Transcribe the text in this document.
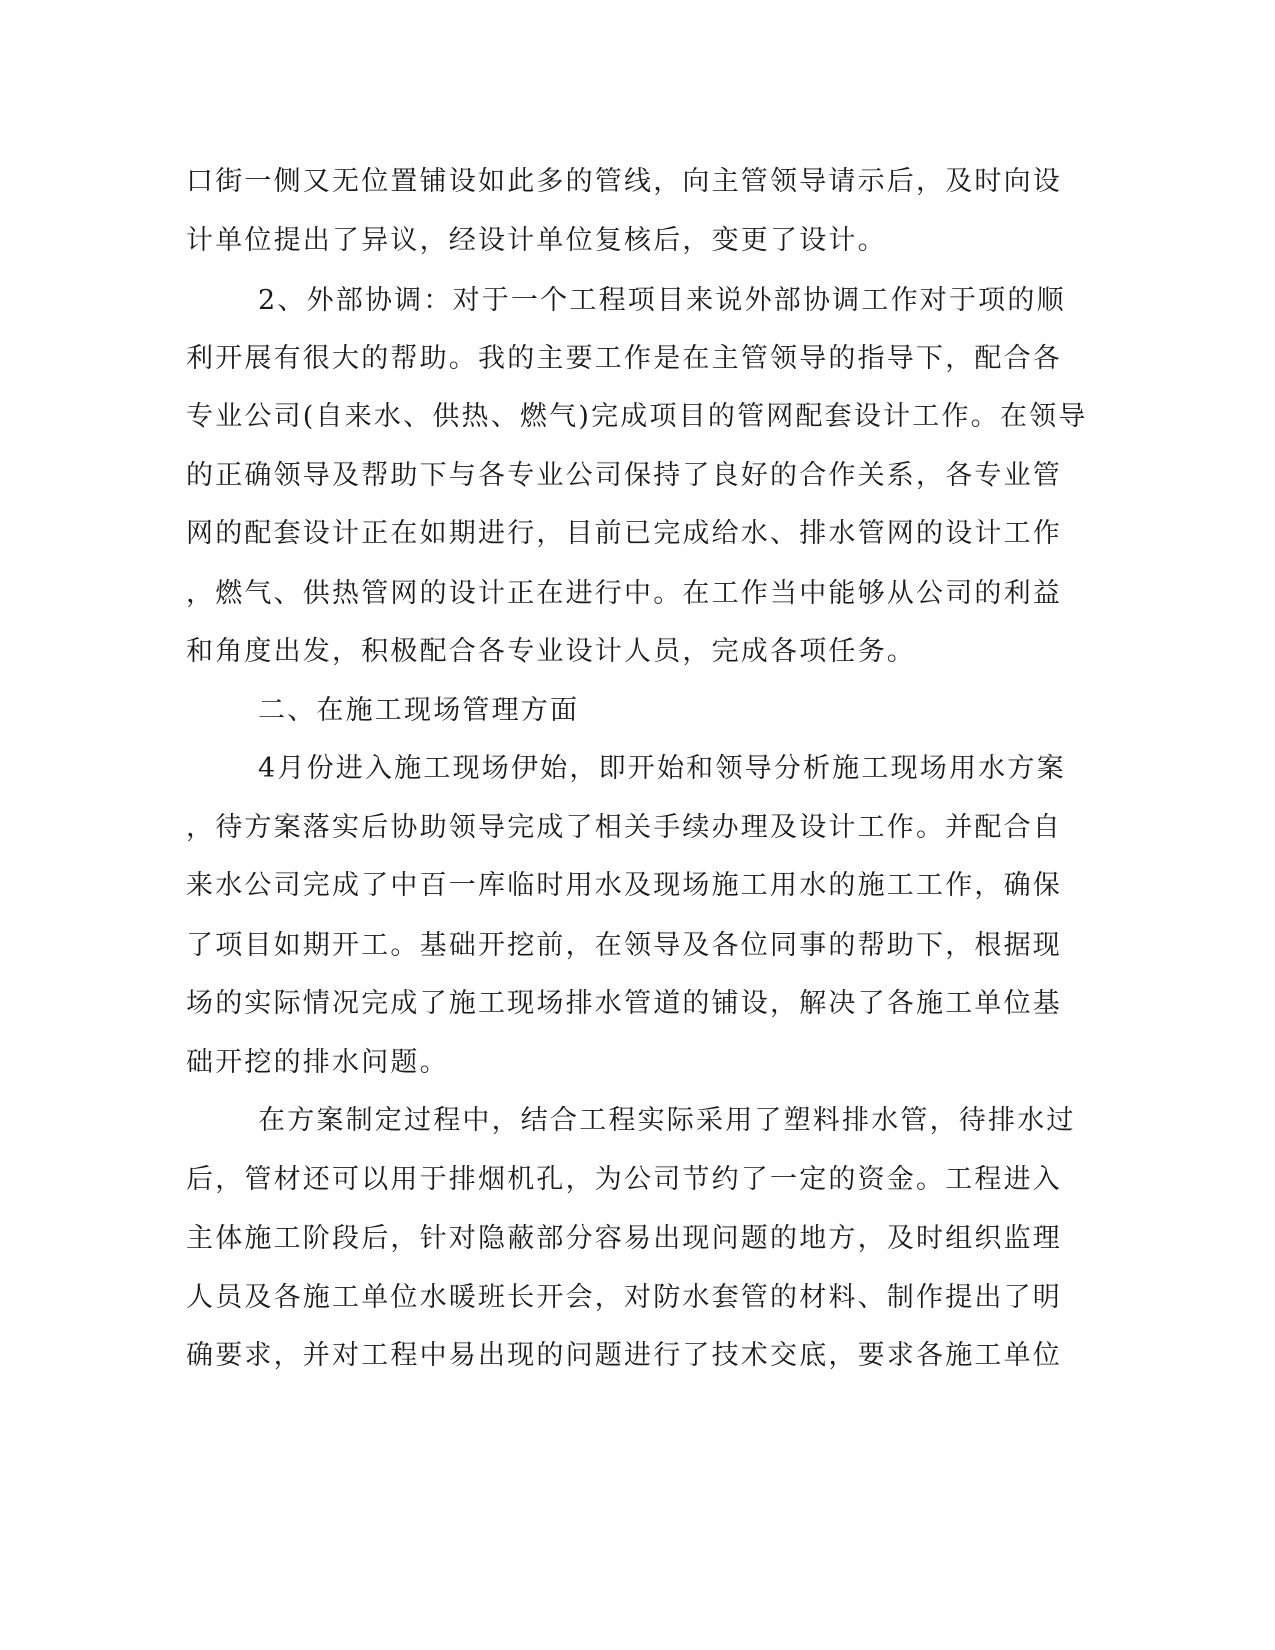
口街一侧又无位置铺设如此多的管线，向主管领导请示后，及时向设
计单位提出了异议，经设计单位复核后，变更了设计。
2、外部协调：对于一个工程项目来说外部协调工作对于项的顺
利开展有很大的帮助。我的主要工作是在主管领导的指导下，配合各
专业公司(自来水、供热、燃气)完成项目的管网配套设计工作。在领导
的正确领导及帮助下与各专业公司保持了良好的合作关系，各专业管
网的配套设计正在如期进行，目前已完成给水、排水管网的设计工作
，燃气、供热管网的设计正在进行中。在工作当中能够从公司的利益
和角度出发，积极配合各专业设计人员，完成各项任务。
二、在施工现场管理方面
4月份进入施工现场伊始，即开始和领导分析施工现场用水方案
，待方案落实后协助领导完成了相关手续办理及设计工作。并配合自
来水公司完成了中百一库临时用水及现场施工用水的施工工作，确保
了项目如期开工。基础开挖前，在领导及各位同事的帮助下，根据现
场的实际情况完成了施工现场排水管道的铺设，解决了各施工单位基
础开挖的排水问题。
在方案制定过程中，结合工程实际采用了塑料排水管，待排水过
后，管材还可以用于排烟机孔，为公司节约了一定的资金。工程进入
主体施工阶段后，针对隐蔽部分容易出现问题的地方，及时组织监理
人员及各施工单位水暖班长开会，对防水套管的材料、制作提出了明
确要求，并对工程中易出现的问题进行了技术交底，要求各施工单位
